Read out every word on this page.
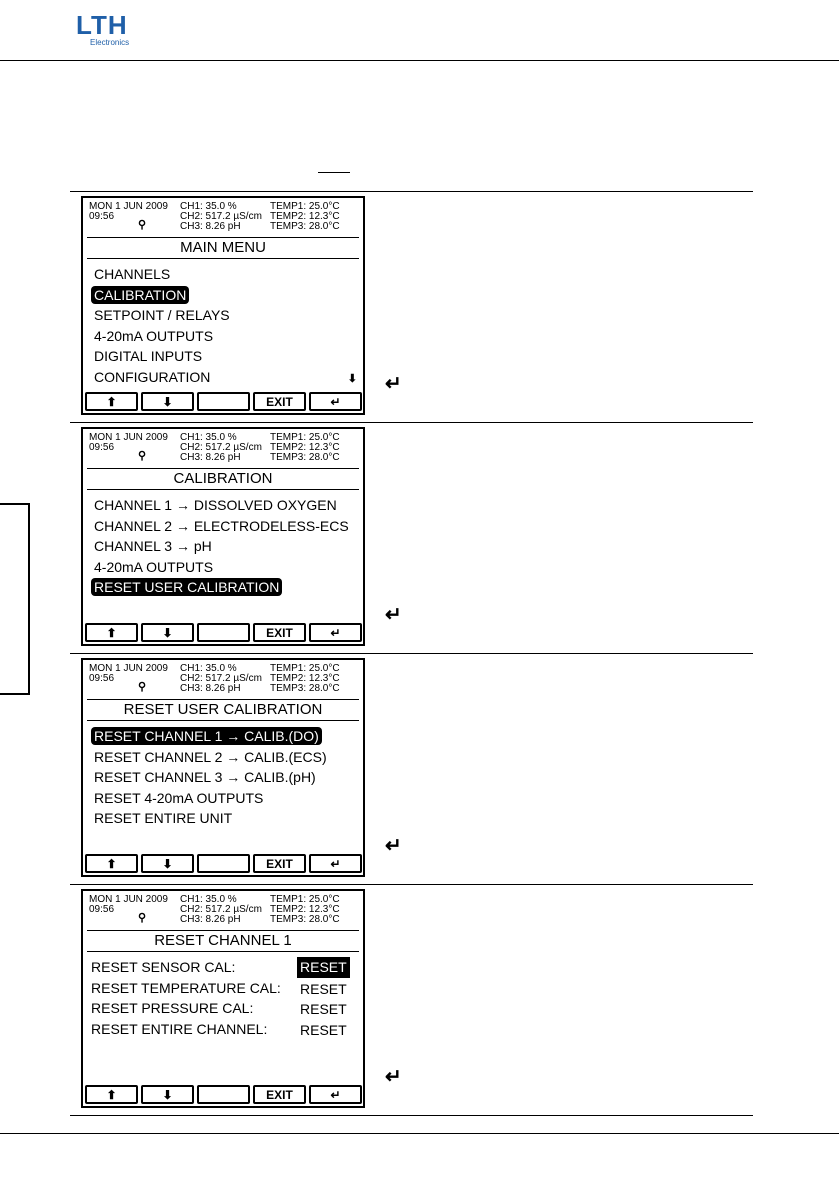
LTH
Electronics
MON 1 JUN 2009
09:56
CH1: 35.0 %
CH2: 517.2 µS/cm
CH3: 8.26 pH
TEMP1: 25.0°C
TEMP2: 12.3°C
TEMP3: 28.0°C
⚲
MAIN MENU
CHANNELS
CALIBRATION
SETPOINT / RELAYS
4-20mA OUTPUTS
DIGITAL INPUTS
CONFIGURATION	⬇
⬆	⬇	EXIT	↵
↵
MON 1 JUN 2009
09:56
CH1: 35.0 %
CH2: 517.2 µS/cm
CH3: 8.26 pH
TEMP1: 25.0°C
TEMP2: 12.3°C
TEMP3: 28.0°C
⚲
CALIBRATION
CHANNEL 1 → DISSOLVED OXYGEN
CHANNEL 2 → ELECTRODELESS-ECS
CHANNEL 3 → pH
4-20mA OUTPUTS
RESET USER CALIBRATION
⬆	⬇	EXIT	↵
↵
MON 1 JUN 2009
09:56
CH1: 35.0 %
CH2: 517.2 µS/cm
CH3: 8.26 pH
TEMP1: 25.0°C
TEMP2: 12.3°C
TEMP3: 28.0°C
⚲
RESET USER CALIBRATION
RESET CHANNEL 1 → CALIB.(DO)
RESET CHANNEL 2 → CALIB.(ECS)
RESET CHANNEL 3 → CALIB.(pH)
RESET 4-20mA OUTPUTS
RESET ENTIRE UNIT
⬆	⬇	EXIT	↵
↵
MON 1 JUN 2009
09:56
CH1: 35.0 %
CH2: 517.2 µS/cm
CH3: 8.26 pH
TEMP1: 25.0°C
TEMP2: 12.3°C
TEMP3: 28.0°C
⚲
RESET CHANNEL 1
RESET SENSOR CAL:	RESET
RESET TEMPERATURE CAL: RESET
RESET PRESSURE CAL:	RESET
RESET ENTIRE CHANNEL: RESET
⬆	⬇	EXIT	↵
↵
